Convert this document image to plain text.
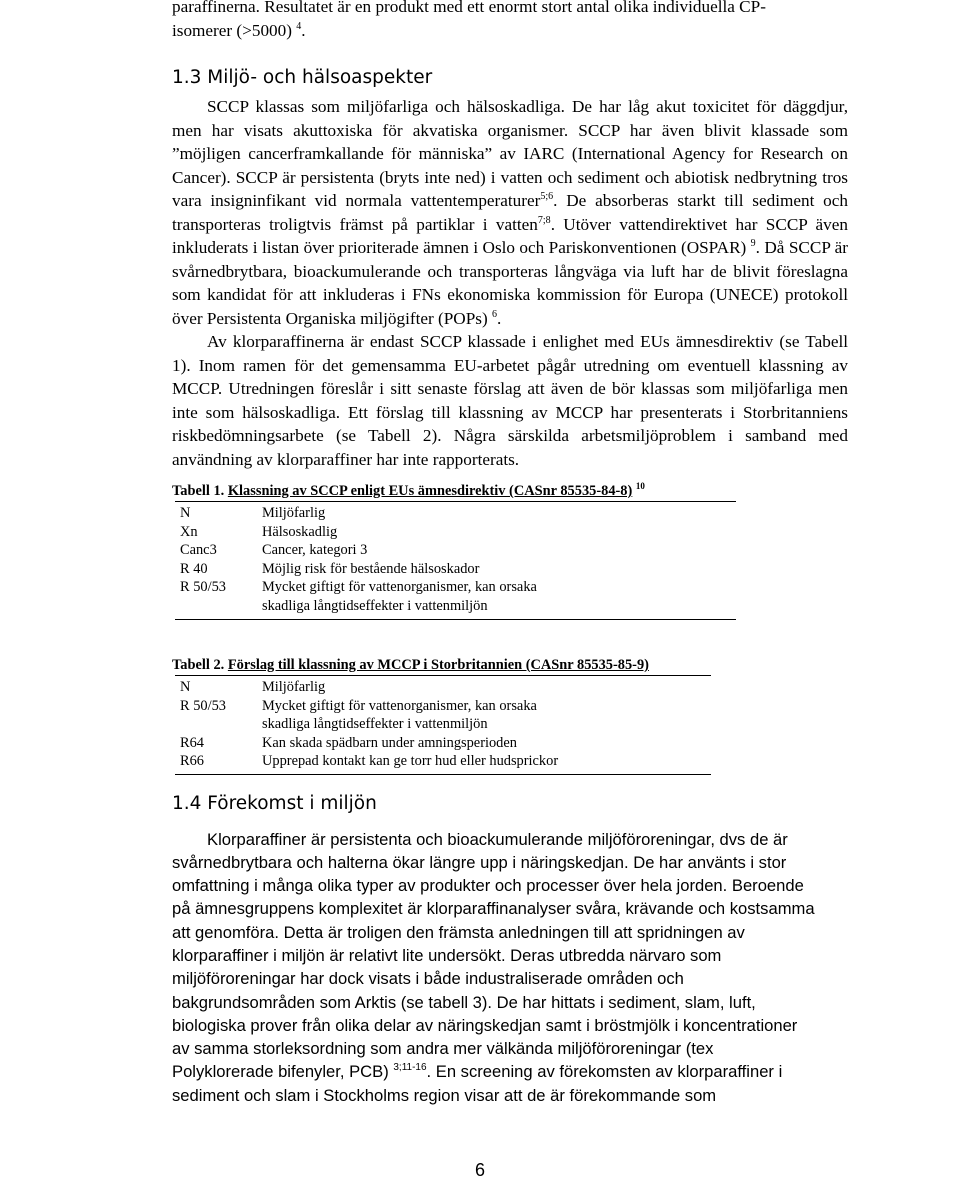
paraffinerna. Resultatet är en produkt med ett enormt stort antal olika individuella CP-
isomerer (>5000) $^4$.

1.3 Miljö- och hälsoaspekter

SCCP klassas som miljöfarliga och hälsoskadliga. De har låg akut toxicitet för däggdjur, men har visats akuttoxiska för akvatiska organismer. SCCP har även blivit klassade som ”möjligen cancerframkallande för människa” av IARC (International Agency for Research on Cancer). SCCP är persistenta (bryts inte ned) i vatten och sediment och abiotisk nedbrytning tros vara insigninfikant vid normala vattentemperaturer$^{5;6}$. De absorberas starkt till sediment och transporteras troligtvis främst på partiklar i vatten$^{7;8}$. Utöver vattendirektivet har SCCP även inkluderats i listan över prioriterade ämnen i Oslo och Pariskonventionen (OSPAR) $^9$. Då SCCP är svårnedbrytbara, bioackumulerande och transporteras långväga via luft har de blivit föreslagna som kandidat för att inkluderas i FNs ekonomiska kommission för Europa (UNECE) protokoll över Persistenta Organiska miljögifter (POPs) $^6$.

Av klorparaffinerna är endast SCCP klassade i enlighet med EUs ämnesdirektiv (se Tabell 1). Inom ramen för det gemensamma EU-arbetet pågår utredning om eventuell klassning av MCCP. Utredningen föreslår i sitt senaste förslag att även de bör klassas som miljöfarliga men inte som hälsoskadliga. Ett förslag till klassning av MCCP har presenterats i Storbritanniens riskbedömningsarbete (se Tabell 2). Några särskilda arbetsmiljöproblem i samband med användning av klorparaffiner har inte rapporterats.

Tabell 1. Klassning av SCCP enligt EUs ämnesdirektiv (CASnr 85535-84-8) $^{10}$

N	Miljöfarlig
Xn	Hälsoskadlig
Canc3	Cancer, kategori 3
R 40	Möjlig risk för bestående hälsoskador
R 50/53	Mycket giftigt för vattenorganismer, kan orsaka
skadliga långtidseffekter i vattenmiljön

Tabell 2. Förslag till klassning av MCCP i Storbritannien (CASnr 85535-85-9)

N	Miljöfarlig
R 50/53	Mycket giftigt för vattenorganismer, kan orsaka
skadliga långtidseffekter i vattenmiljön
R64	Kan skada spädbarn under amningsperioden
R66	Upprepad kontakt kan ge torr hud eller hudsprickor
1.4 Förekomst i miljön
Klorparaffiner är persistenta och bioackumulerande miljöföroreningar, dvs de är
svårnedbrytbara och halterna ökar längre upp i näringskedjan. De har använts i stor
omfattning i många olika typer av produkter och processer över hela jorden. Beroende
på ämnesgruppens komplexitet är klorparaffinanalyser svåra, krävande och kostsamma
att genomföra. Detta är troligen den främsta anledningen till att spridningen av
klorparaffiner i miljön är relativt lite undersökt. Deras utbredda närvaro som
miljöföroreningar har dock visats i både industraliserade områden och
bakgrundsområden som Arktis (se tabell 3). De har hittats i sediment, slam, luft,
biologiska prover från olika delar av näringskedjan samt i bröstmjölk i koncentrationer
av samma storleksordning som andra mer välkända miljöföroreningar (tex
Polyklorerade bifenyler, PCB) $^{3;11-16}$. En screening av förekomsten av klorparaffiner i
sediment och slam i Stockholms region visar att de är förekommande som
6
